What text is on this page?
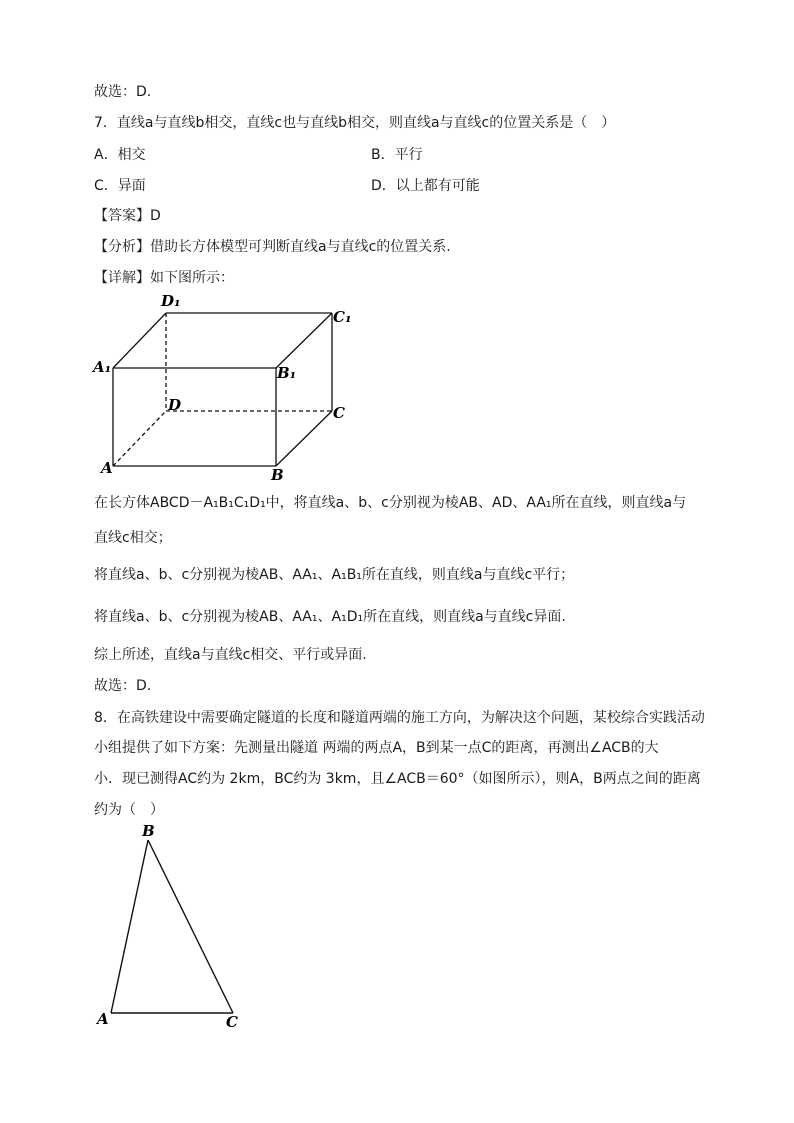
故选：D.
7．直线a与直线b相交，直线c也与直线b相交，则直线a与直线c的位置关系是（　）
A．相交	B．平行
C．异面	D．以上都有可能
【答案】D
【分析】借助长方体模型可判断直线a与直线c的位置关系.
【详解】如下图所示：
D₁
C₁
A₁	B₁
D	C
A	B
在长方体ABCD－A₁B₁C₁D₁中，将直线a、b、c分别视为棱AB、AD、AA₁所在直线，则直线a与
直线c相交；
将直线a、b、c分别视为棱AB、AA₁、A₁B₁所在直线，则直线a与直线c平行；
将直线a、b、c分别视为棱AB、AA₁、A₁D₁所在直线，则直线a与直线c异面.
综上所述，直线a与直线c相交、平行或异面.
故选：D.
8．在高铁建设中需要确定隧道的长度和隧道两端的施工方向，为解决这个问题，某校综合实践活动
小组提供了如下方案：先测量出隧道 两端的两点A，B到某一点C的距离，再测出∠ACB的大
小．现已测得AC约为 2km，BC约为 3km，且∠ACB＝60°（如图所示），则A，B两点之间的距离
约为（　）
B
A	C
